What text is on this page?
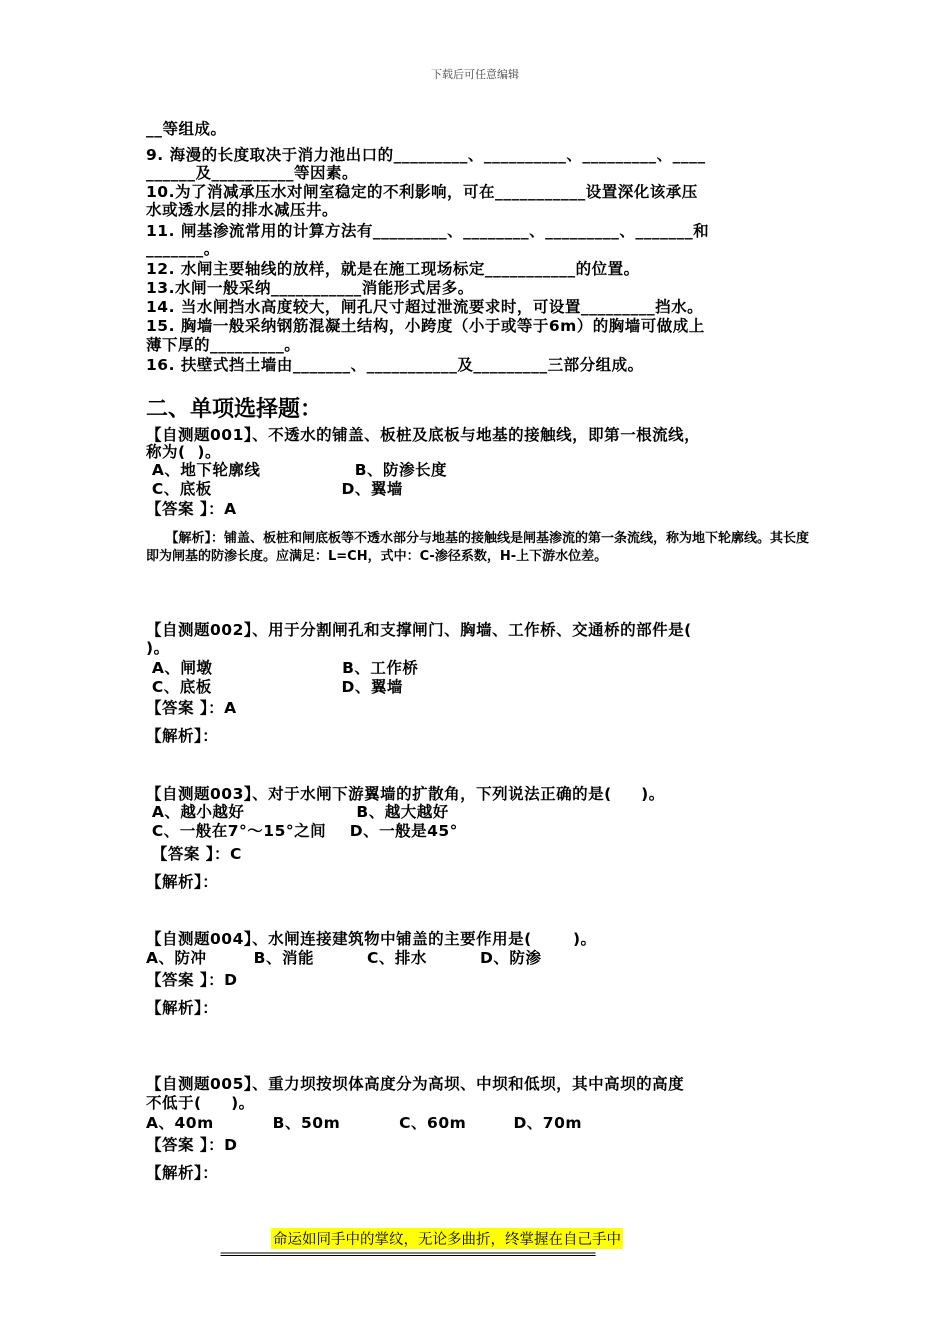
下载后可任意编辑
__等组成。
9. 海漫的长度取决于消力池出口的_________、__________、_________、____
______及__________等因素。
10.为了消减承压水对闸室稳定的不利影响，可在___________设置深化该承压
水或透水层的排水减压井。
11. 闸基渗流常用的计算方法有_________、________、_________、_______和
_______。
12. 水闸主要轴线的放样，就是在施工现场标定___________的位置。
13.水闸一般采纳___________消能形式居多。
14. 当水闸挡水高度较大，闸孔尺寸超过泄流要求时，可设置_________挡水。
15. 胸墙一般采纳钢筋混凝土结构，小跨度（小于或等于6m）的胸墙可做成上
薄下厚的_________。
16. 扶壁式挡土墙由_______、___________及_________三部分组成。
【自测题001】、不透水的铺盖、板桩及底板与地基的接触线，即第一根流线，
称为(  )。
A、地下轮廓线                B、防渗长度
C、底板                      D、翼墙
【答案 】：A
【自测题002】、用于分割闸孔和支撑闸门、胸墙、工作桥、交通桥的部件是(
)。
A、闸墩                      B、工作桥
C、底板                      D、翼墙
【答案 】：A
【解析】：
【自测题003】、对于水闸下游翼墙的扩散角，下列说法正确的是(     )。
A、越小越好                   B、越大越好
C、一般在7°～15°之间    D、一般是45°
【答案 】：C
【解析】：
【自测题004】、水闸连接建筑物中铺盖的主要作用是(       )。
A、防冲        B、消能         C、排水         D、防渗
【答案 】：D
【解析】：
【自测题005】、重力坝按坝体高度分为高坝、中坝和低坝，其中高坝的高度
不低于(     )。
A、40m          B、50m          C、60m        D、70m
【答案 】：D
【解析】：
二、单项选择题：
　　【解析】：铺盖、板桩和闸底板等不透水部分与地基的接触线是闸基渗流的第一条流线，称为地下轮廓线。其长度即为闸基的防渗长度。应满足：L=CH，式中：C-渗径系数，H-上下游水位差。
命运如同手中的掌纹，无论多曲折，终掌握在自己手中
==================================================================
